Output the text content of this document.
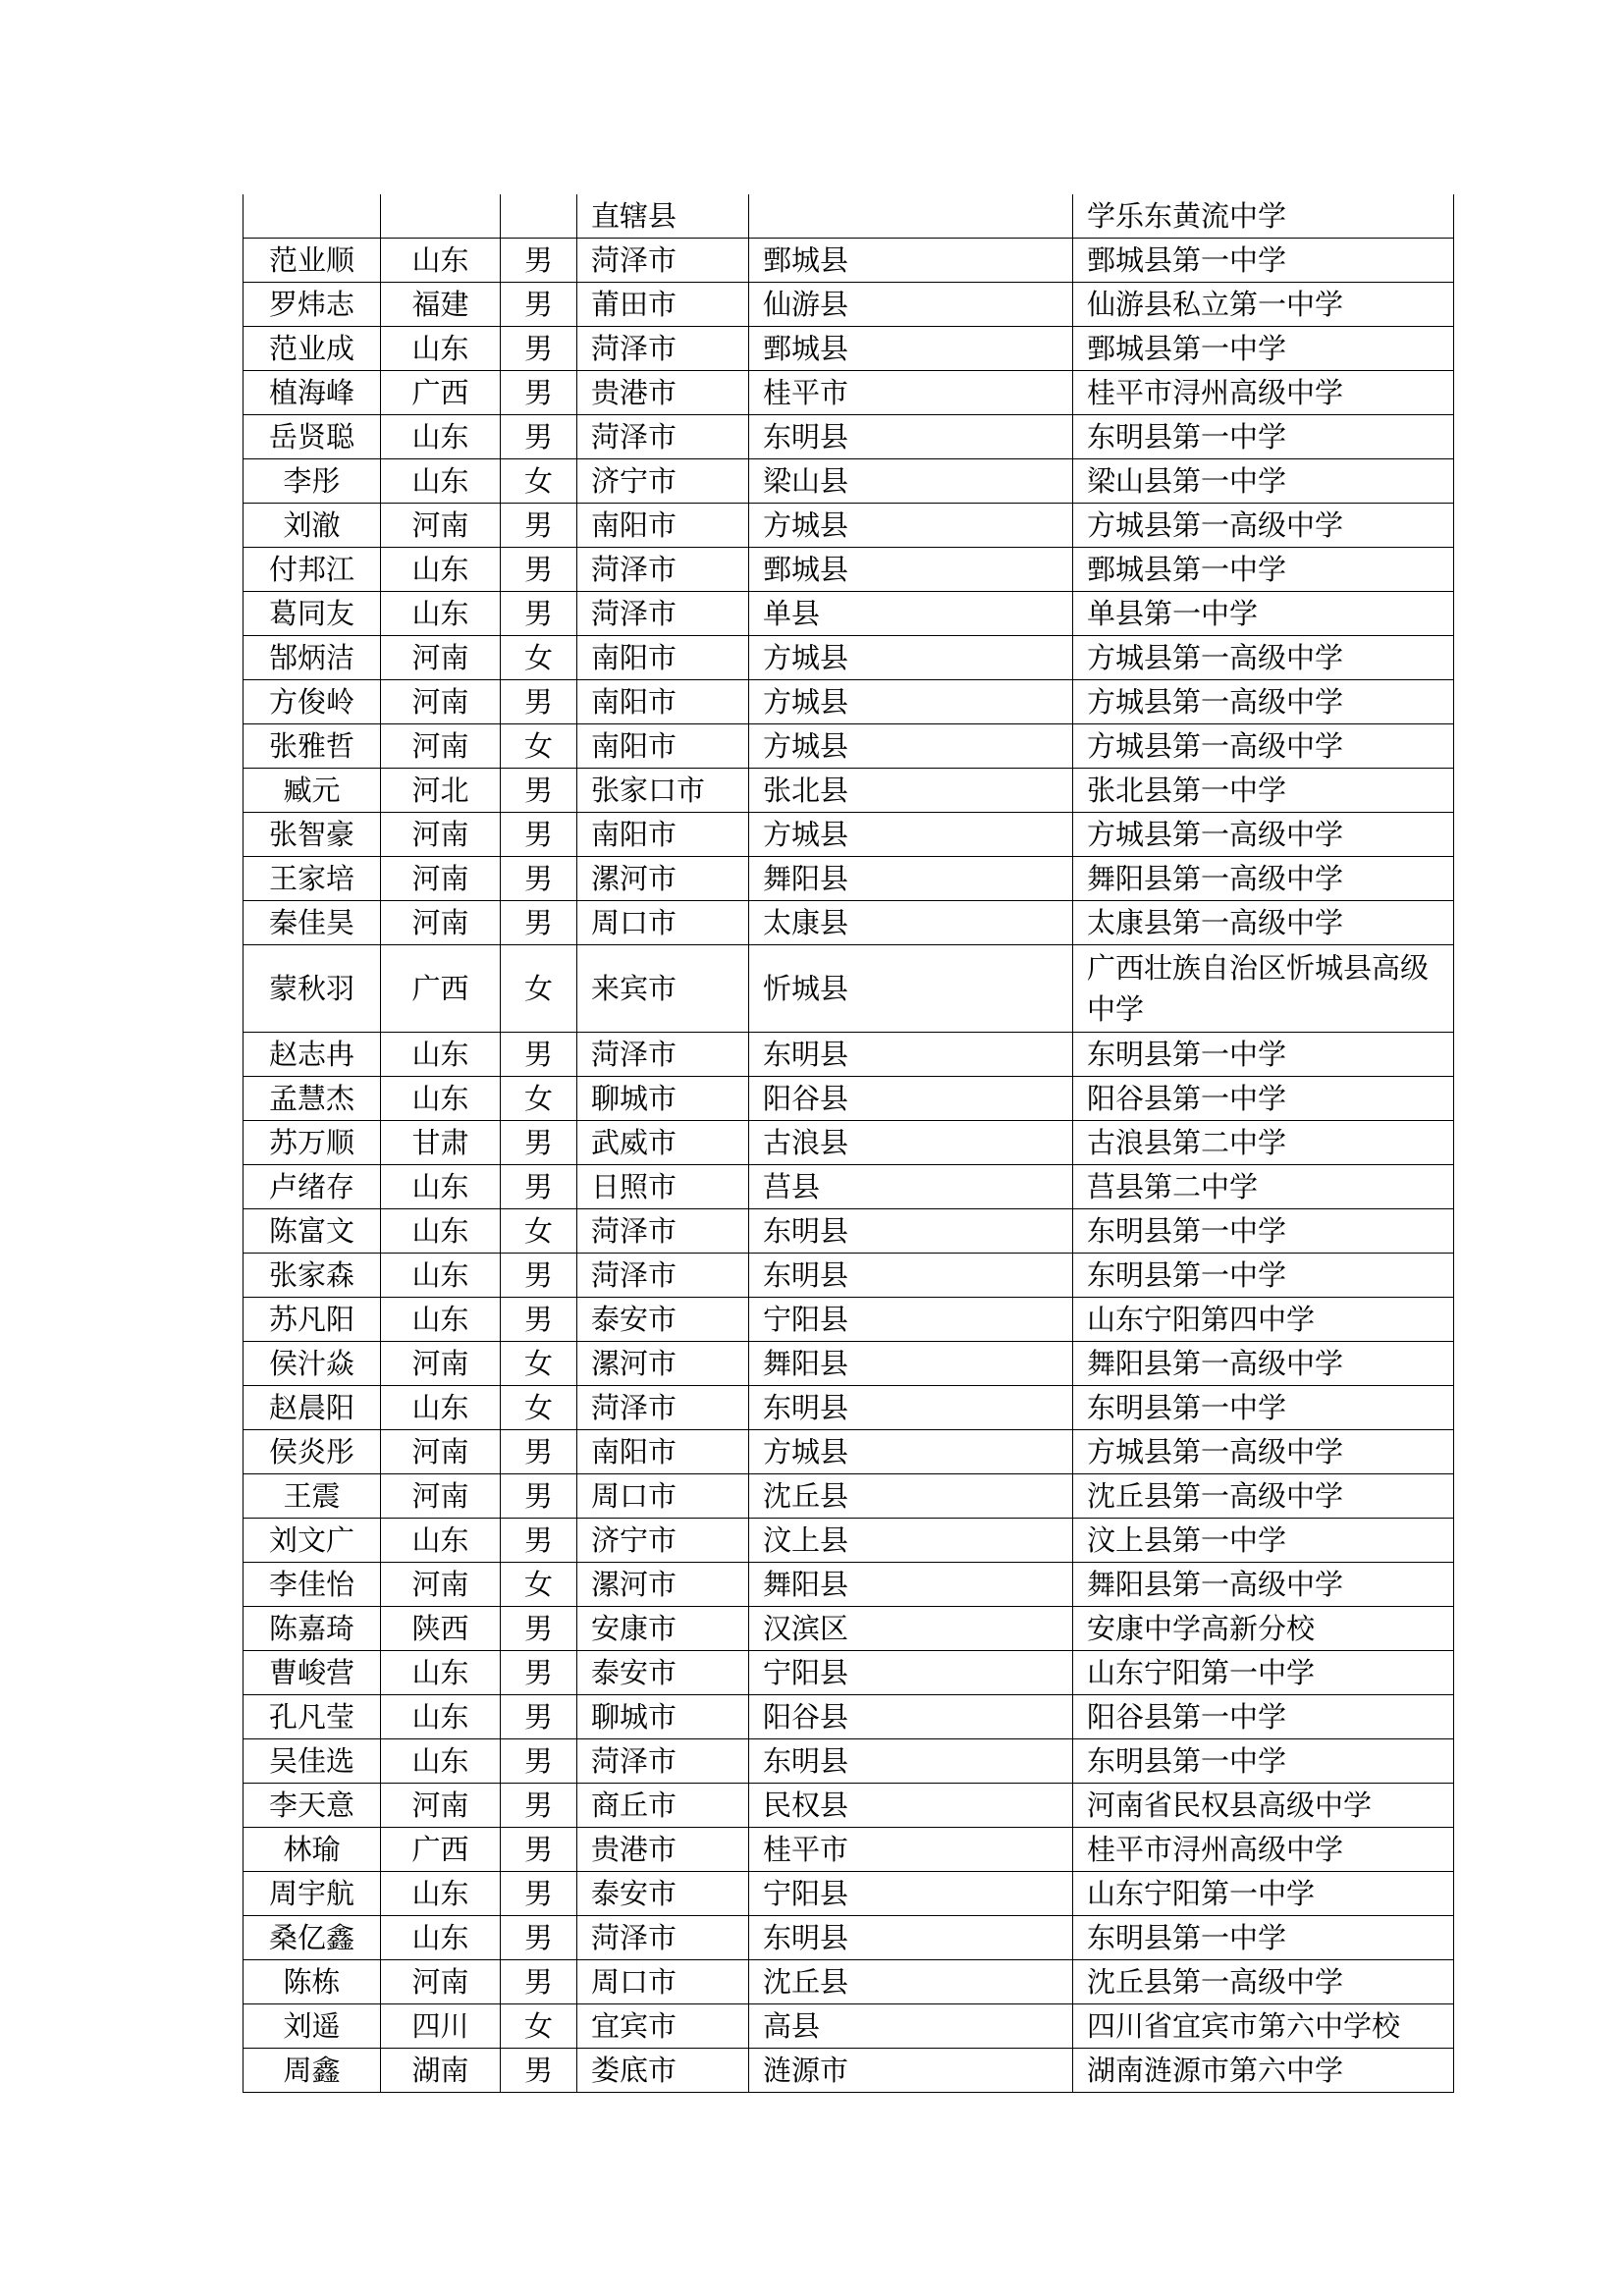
			直辖县		学乐东黄流中学
范业顺	山东	男	菏泽市	鄄城县	鄄城县第一中学
罗炜志	福建	男	莆田市	仙游县	仙游县私立第一中学
范业成	山东	男	菏泽市	鄄城县	鄄城县第一中学
植海峰	广西	男	贵港市	桂平市	桂平市浔州高级中学
岳贤聪	山东	男	菏泽市	东明县	东明县第一中学
李彤	山东	女	济宁市	梁山县	梁山县第一中学
刘澈	河南	男	南阳市	方城县	方城县第一高级中学
付邦江	山东	男	菏泽市	鄄城县	鄄城县第一中学
葛同友	山东	男	菏泽市	单县	单县第一中学
郜炳洁	河南	女	南阳市	方城县	方城县第一高级中学
方俊岭	河南	男	南阳市	方城县	方城县第一高级中学
张雅哲	河南	女	南阳市	方城县	方城县第一高级中学
臧元	河北	男	张家口市	张北县	张北县第一中学
张智豪	河南	男	南阳市	方城县	方城县第一高级中学
王家培	河南	男	漯河市	舞阳县	舞阳县第一高级中学
秦佳昊	河南	男	周口市	太康县	太康县第一高级中学
蒙秋羽	广西	女	来宾市	忻城县	广西壮族自治区忻城县高级中学
赵志冉	山东	男	菏泽市	东明县	东明县第一中学
孟慧杰	山东	女	聊城市	阳谷县	阳谷县第一中学
苏万顺	甘肃	男	武威市	古浪县	古浪县第二中学
卢绪存	山东	男	日照市	莒县	莒县第二中学
陈富文	山东	女	菏泽市	东明县	东明县第一中学
张家森	山东	男	菏泽市	东明县	东明县第一中学
苏凡阳	山东	男	泰安市	宁阳县	山东宁阳第四中学
侯汁焱	河南	女	漯河市	舞阳县	舞阳县第一高级中学
赵晨阳	山东	女	菏泽市	东明县	东明县第一中学
侯炎彤	河南	男	南阳市	方城县	方城县第一高级中学
王震	河南	男	周口市	沈丘县	沈丘县第一高级中学
刘文广	山东	男	济宁市	汶上县	汶上县第一中学
李佳怡	河南	女	漯河市	舞阳县	舞阳县第一高级中学
陈嘉琦	陕西	男	安康市	汉滨区	安康中学高新分校
曹峻营	山东	男	泰安市	宁阳县	山东宁阳第一中学
孔凡莹	山东	男	聊城市	阳谷县	阳谷县第一中学
吴佳选	山东	男	菏泽市	东明县	东明县第一中学
李天意	河南	男	商丘市	民权县	河南省民权县高级中学
林瑜	广西	男	贵港市	桂平市	桂平市浔州高级中学
周宇航	山东	男	泰安市	宁阳县	山东宁阳第一中学
桑亿鑫	山东	男	菏泽市	东明县	东明县第一中学
陈栋	河南	男	周口市	沈丘县	沈丘县第一高级中学
刘遥	四川	女	宜宾市	高县	四川省宜宾市第六中学校
周鑫	湖南	男	娄底市	涟源市	湖南涟源市第六中学
